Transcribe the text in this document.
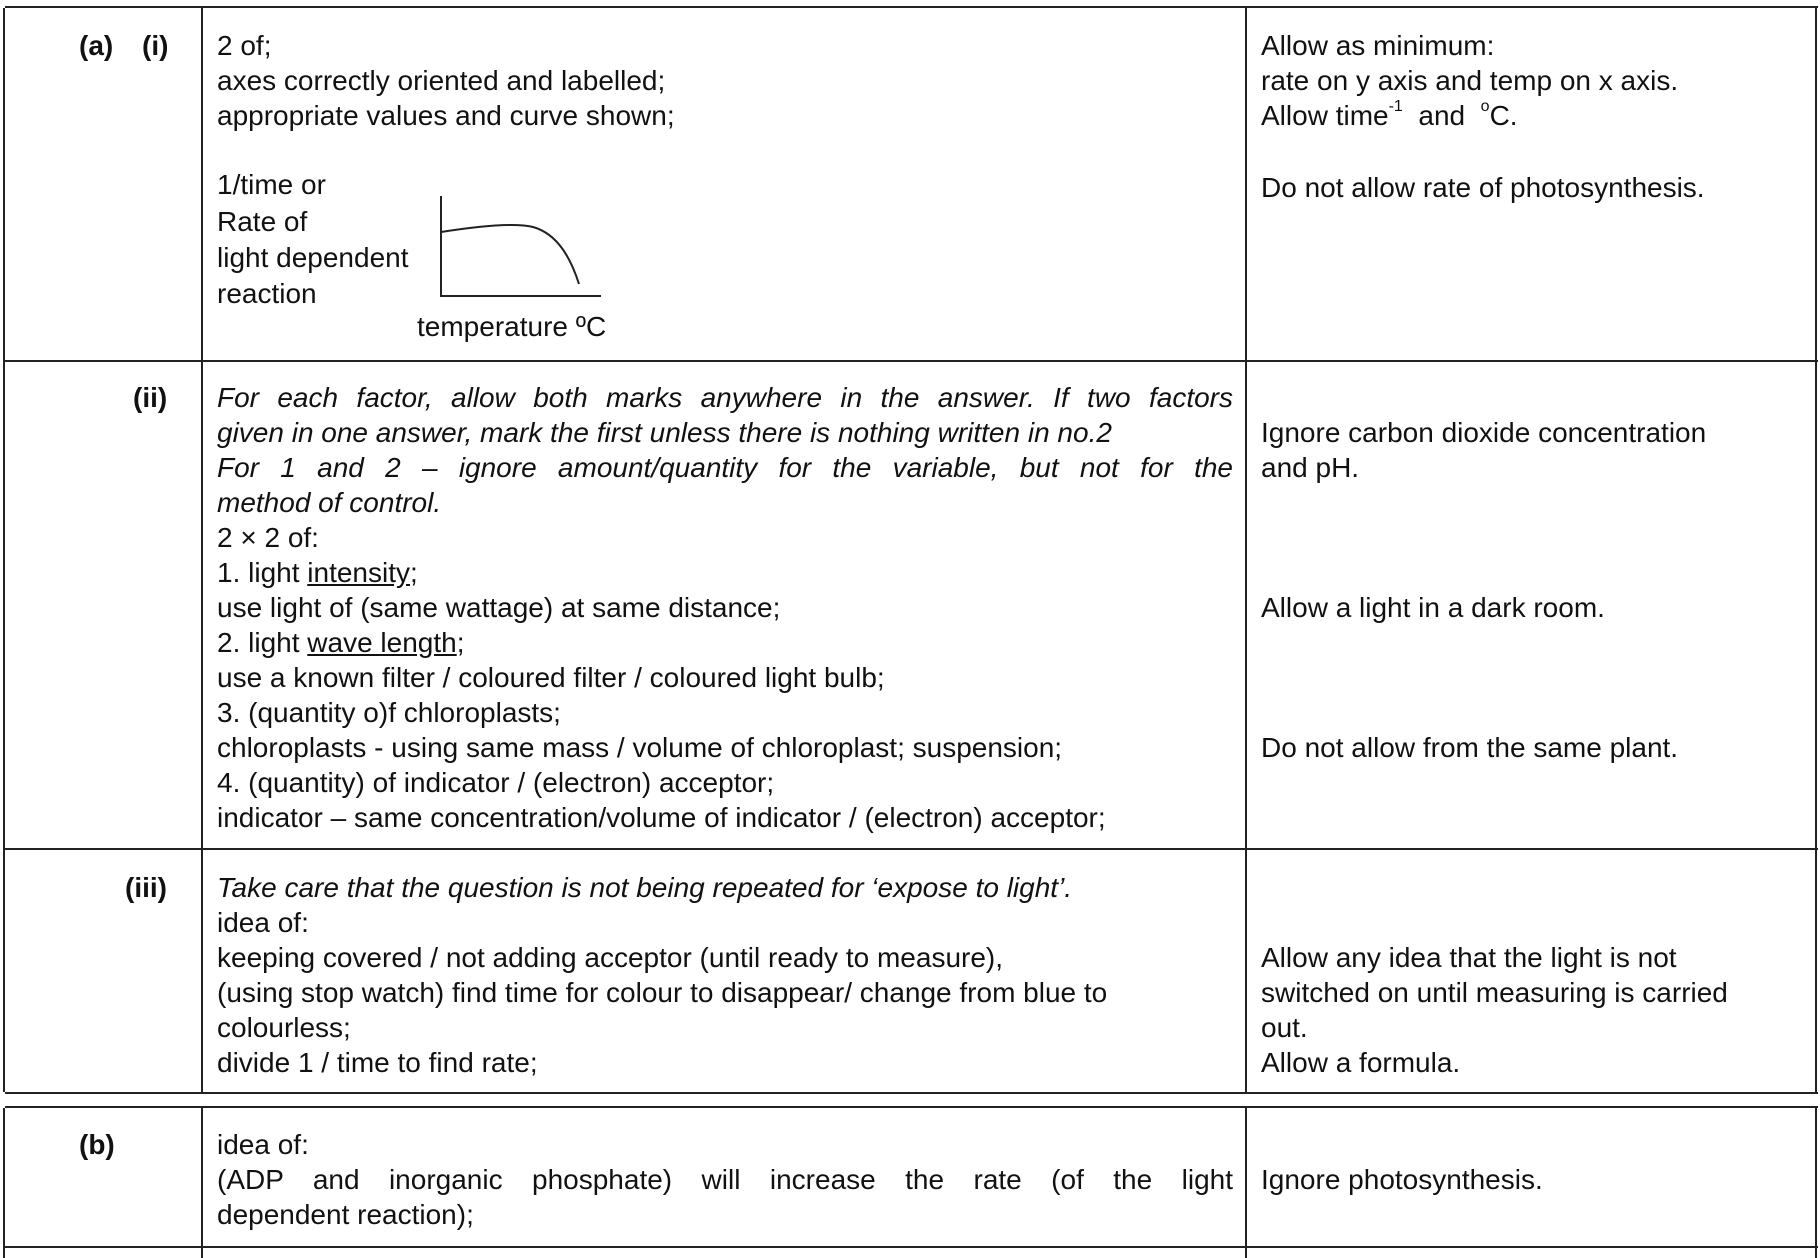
(a) (i) 2 of;
axes correctly oriented and labelled;
appropriate values and curve shown;
1/time or
Rate of
light dependent
reaction
temperature ºC
Allow as minimum:
rate on y axis and temp on x axis.
Allow time$^{-1}$  and  $^o$C.
Do not allow rate of photosynthesis.
(ii) For each factor, allow both marks anywhere in the answer. If two factors
given in one answer, mark the first unless there is nothing written in no.2
For 1 and 2 – ignore amount/quantity for the variable, but not for the
method of control.
2 × 2 of:
1. light intensity;
use light of (same wattage) at same distance;
2. light wave length;
use a known filter / coloured filter / coloured light bulb;
3. (quantity o)f chloroplasts;
chloroplasts - using same mass / volume of chloroplast; suspension;
4. (quantity) of indicator / (electron) acceptor;
indicator – same concentration/volume of indicator / (electron) acceptor;
Ignore carbon dioxide concentration
and pH.
Allow a light in a dark room.
Do not allow from the same plant.
(iii) Take care that the question is not being repeated for ‘expose to light’.
idea of:
keeping covered / not adding acceptor (until ready to measure),
(using stop watch) find time for colour to disappear/ change from blue to
colourless;
divide 1 / time to find rate;
Allow any idea that the light is not
switched on until measuring is carried
out.
Allow a formula.
(b)	idea of:
(ADP and inorganic phosphate) will increase the rate (of the light
dependent reaction);
Ignore photosynthesis.
